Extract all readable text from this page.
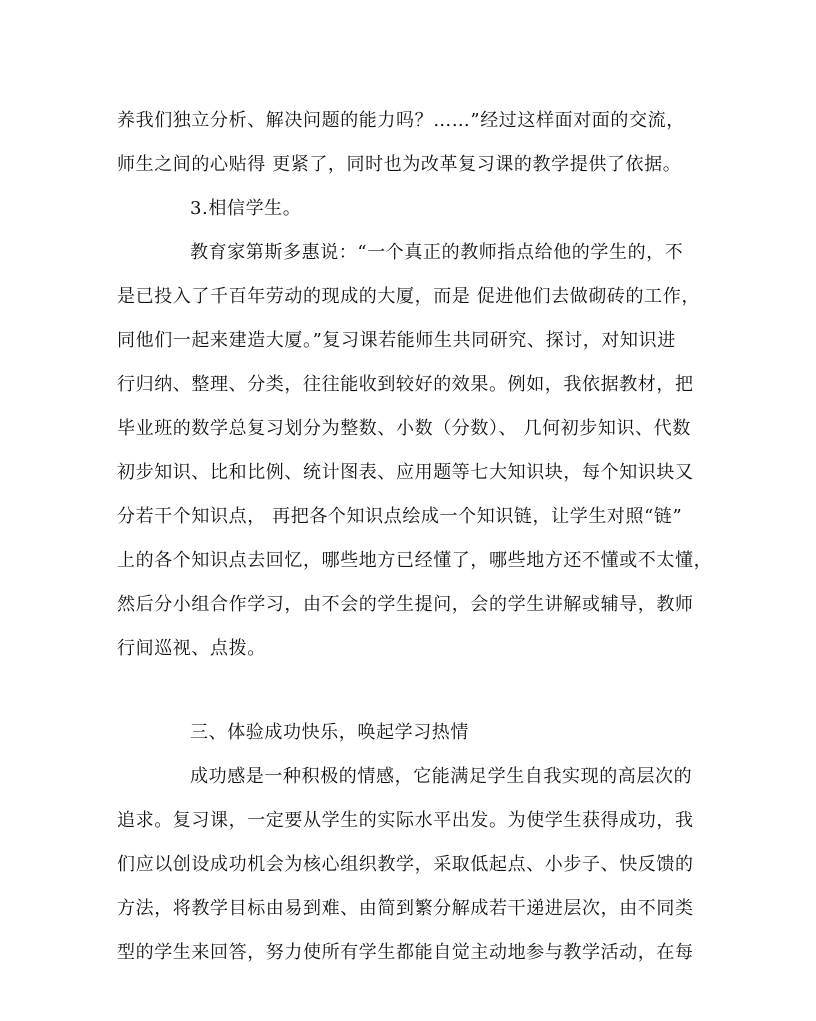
养我们独立分析、解决问题的能力吗？……”经过这样面对面的交流，
师生之间的心贴得 更紧了，同时也为改革复习课的教学提供了依据。
3.相信学生。
教育家第斯多惠说：“一个真正的教师指点给他的学生的，不
是已投入了千百年劳动的现成的大厦，而是 促进他们去做砌砖的工作，
同他们一起来建造大厦。”复习课若能师生共同研究、探讨，对知识进
行归纳、整理、分类，往往能收到较好的效果。例如，我依据教材，把
毕业班的数学总复习划分为整数、小数（分数）、 几何初步知识、代数
初步知识、比和比例、统计图表、应用题等七大知识块，每个知识块又
分若干个知识点， 再把各个知识点绘成一个知识链，让学生对照“链”
上的各个知识点去回忆，哪些地方已经懂了，哪些地方还不懂或不太懂，
然后分小组合作学习，由不会的学生提问，会的学生讲解或辅导，教师
行间巡视、点拨。
三、体验成功快乐，唤起学习热情
成功感是一种积极的情感，它能满足学生自我实现的高层次的
追求。复习课，一定要从学生的实际水平出发。为使学生获得成功，我
们应以创设成功机会为核心组织教学，采取低起点、小步子、快反馈的
方法，将教学目标由易到难、由简到繁分解成若干递进层次，由不同类
型的学生来回答，努力使所有学生都能自觉主动地参与教学活动，在每
